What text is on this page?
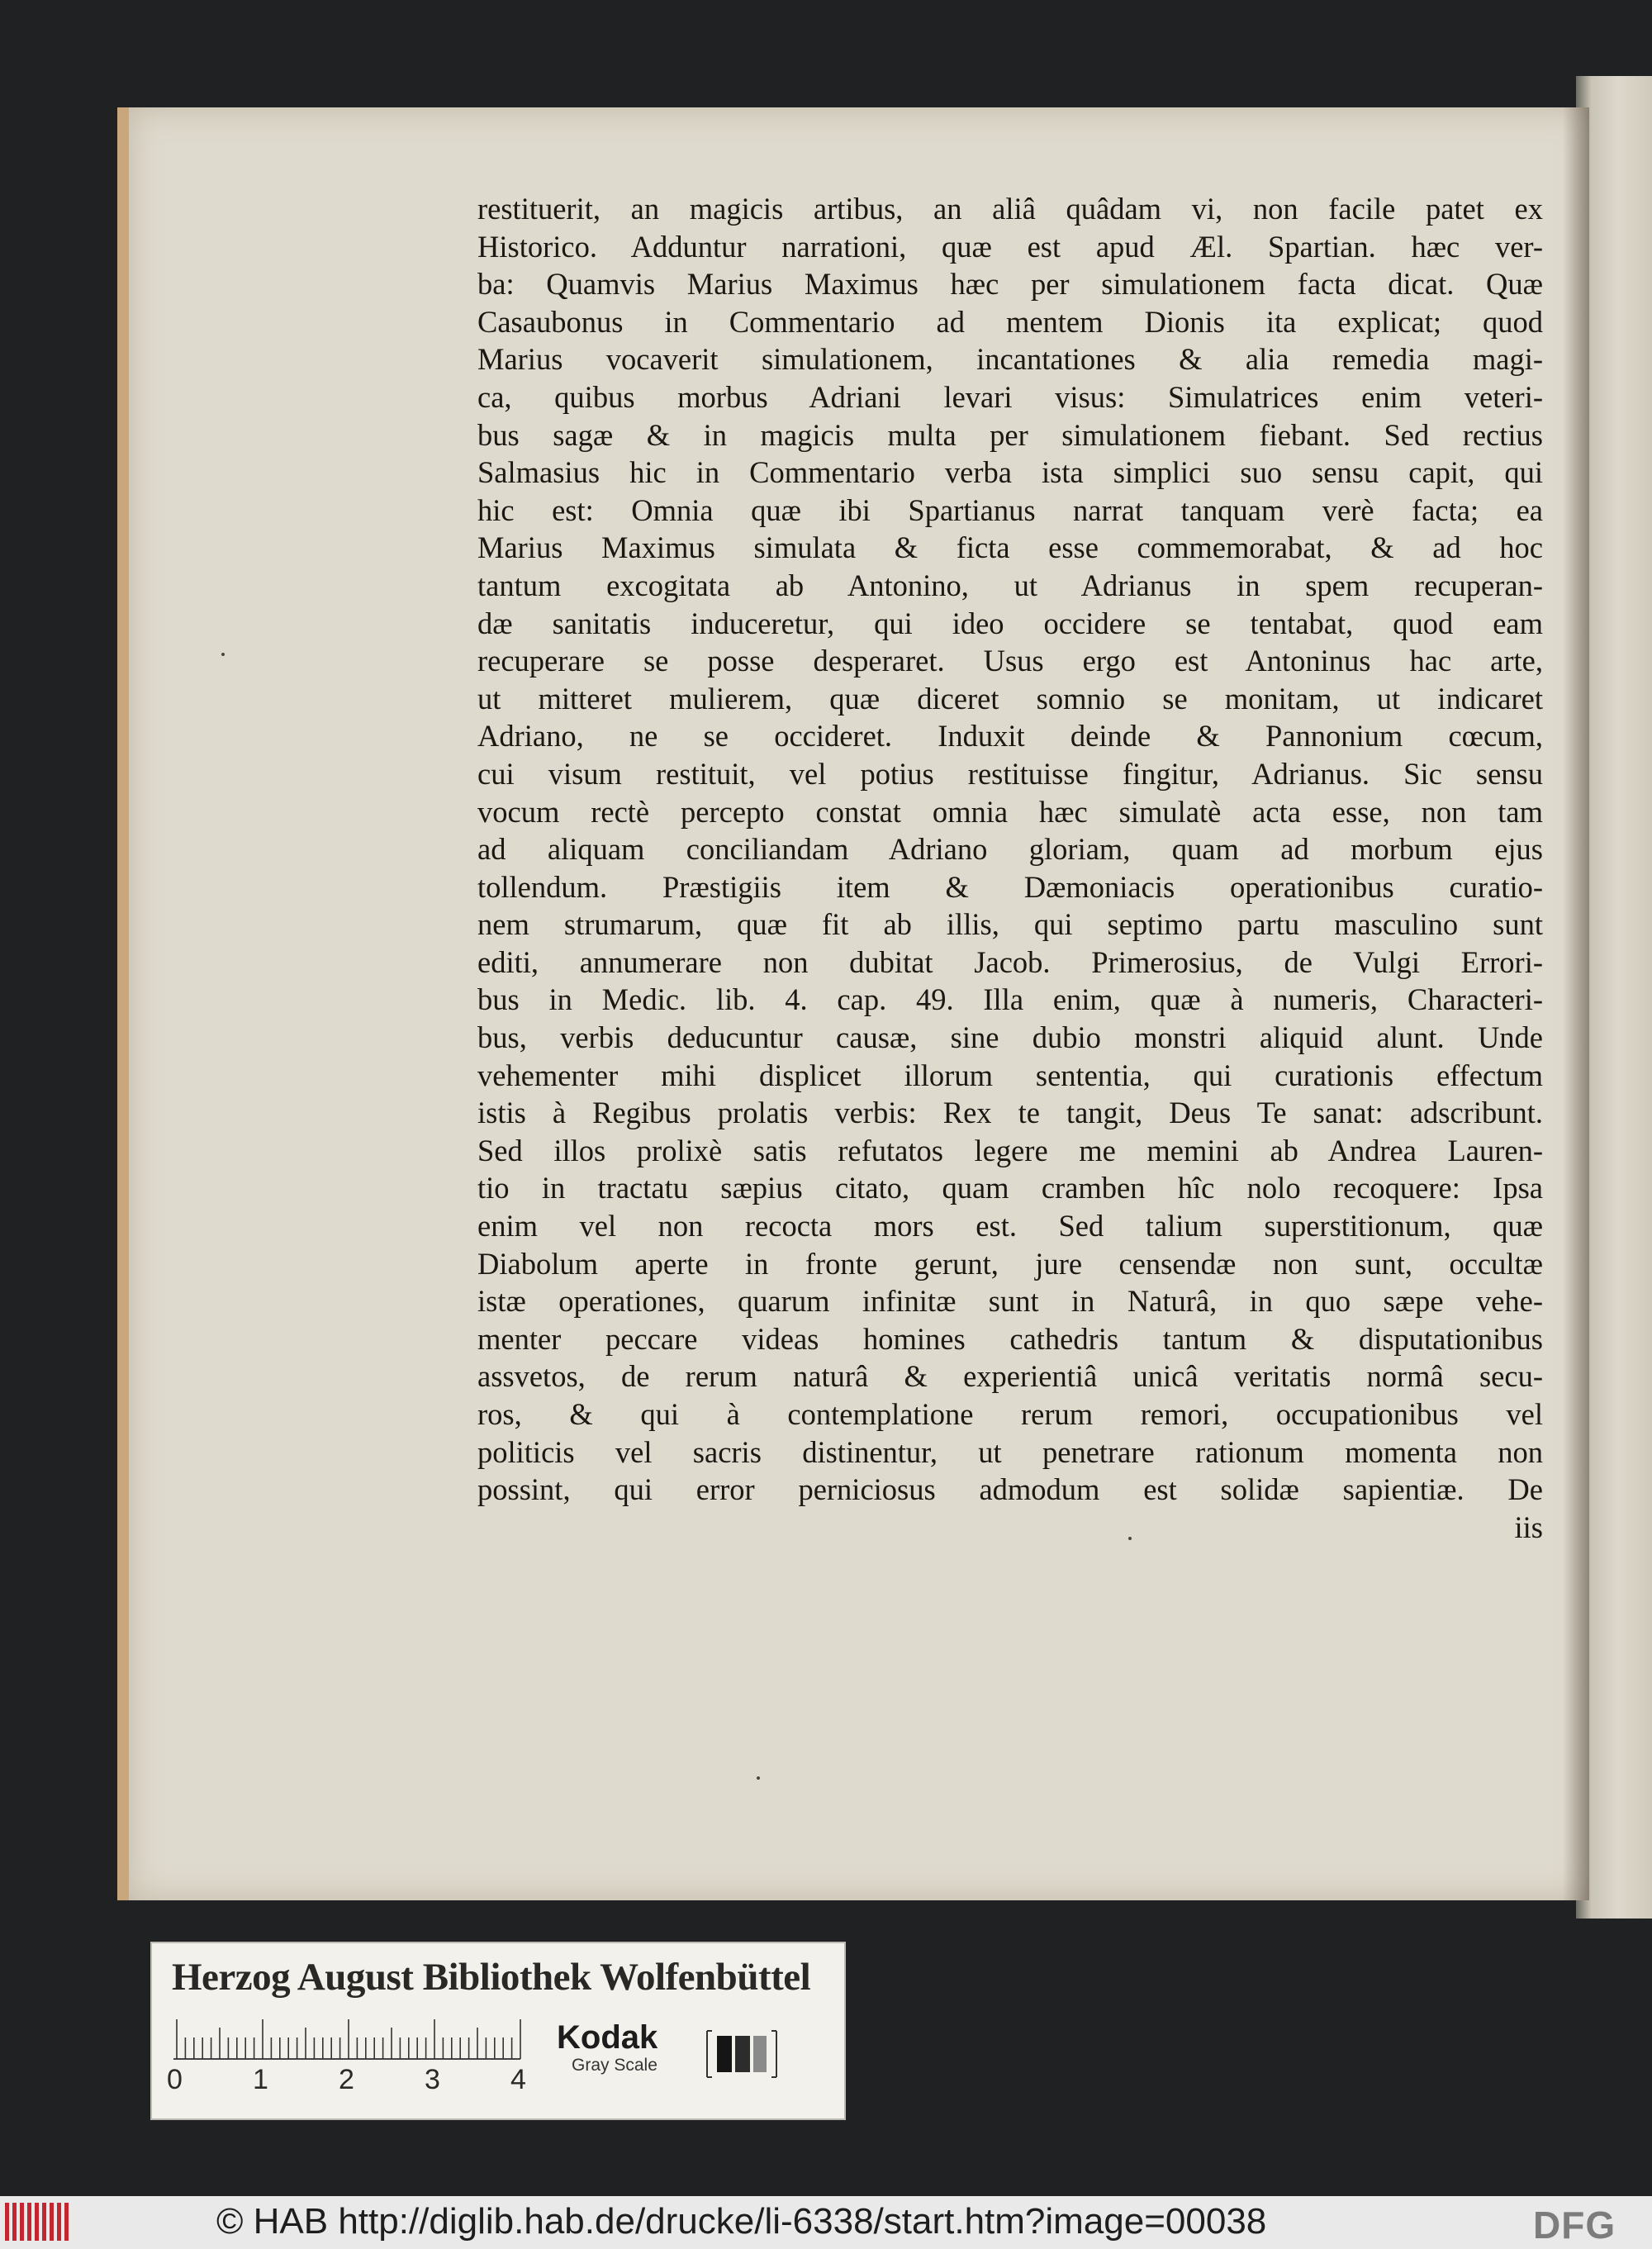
restituerit, an magicis artibus, an aliâ quâdam vi, non facile patet ex
Historico. Adduntur narrationi, quæ est apud Æl. Spartian. hæc ver-
ba: Quamvis Marius Maximus hæc per simulationem facta dicat. Quæ
Casaubonus in Commentario ad mentem Dionis ita explicat; quod
Marius vocaverit simulationem, incantationes & alia remedia magi-
ca, quibus morbus Adriani levari visus: Simulatrices enim veteri-
bus sagæ & in magicis multa per simulationem fiebant. Sed rectius
Salmasius hic in Commentario verba ista simplici suo sensu capit, qui
hic est: Omnia quæ ibi Spartianus narrat tanquam verè facta; ea
Marius Maximus simulata & ficta esse commemorabat, & ad hoc
tantum excogitata ab Antonino, ut Adrianus in spem recuperan-
dæ sanitatis induceretur, qui ideo occidere se tentabat, quod eam
recuperare se posse desperaret. Usus ergo est Antoninus hac arte,
ut mitteret mulierem, quæ diceret somnio se monitam, ut indicaret
Adriano, ne se occideret. Induxit deinde & Pannonium cœcum,
cui visum restituit, vel potius restituisse fingitur, Adrianus. Sic sensu
vocum rectè percepto constat omnia hæc simulatè acta esse, non tam
ad aliquam conciliandam Adriano gloriam, quam ad morbum ejus
tollendum. Præstigiis item & Dæmoniacis operationibus curatio-
nem strumarum, quæ fit ab illis, qui septimo partu masculino sunt
editi, annumerare non dubitat Jacob. Primerosius, de Vulgi Errori-
bus in Medic. lib. 4. cap. 49. Illa enim, quæ à numeris, Characteri-
bus, verbis deducuntur causæ, sine dubio monstri aliquid alunt. Unde
vehementer mihi displicet illorum sententia, qui curationis effectum
istis à Regibus prolatis verbis: Rex te tangit, Deus Te sanat: adscribunt.
Sed illos prolixè satis refutatos legere me memini ab Andrea Lauren-
tio in tractatu sæpius citato, quam cramben hîc nolo recoquere: Ipsa
enim vel non recocta mors est. Sed talium superstitionum, quæ
Diabolum aperte in fronte gerunt, jure censendæ non sunt, occultæ
istæ operationes, quarum infinitæ sunt in Naturâ, in quo sæpe vehe-
menter peccare videas homines cathedris tantum & disputationibus
assvetos, de rerum naturâ & experientiâ unicâ veritatis normâ secu-
ros, & qui à contemplatione rerum remori, occupationibus vel
politicis vel sacris distinentur, ut penetrare rationum momenta non
possint, qui error perniciosus admodum est solidæ sapientiæ. De
iis
Herzog August Bibliothek Wolfenbüttel
0	1	2	3	4
Kodak
Gray Scale
© HAB http://diglib.hab.de/drucke/li-6338/start.htm?image=00038	DFG
